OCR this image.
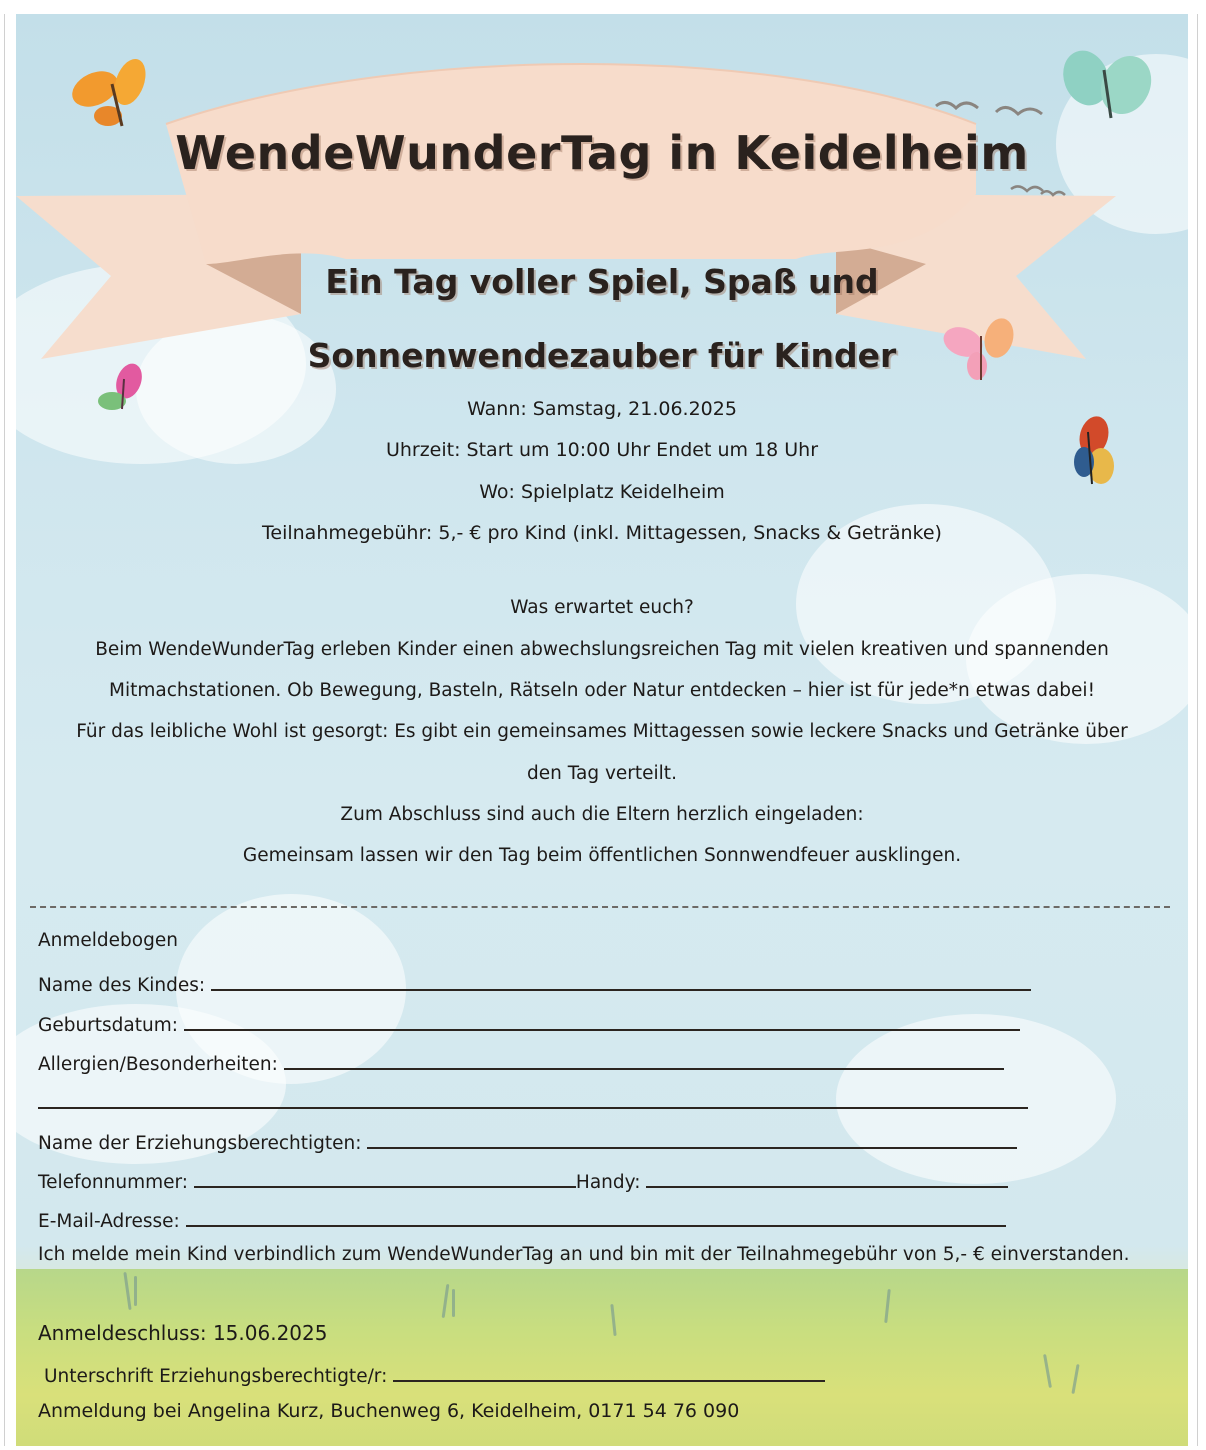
WendeWunderTag in Keidelheim
Ein Tag voller Spiel, Spaß und
Sonnenwendezauber für Kinder
Wann: Samstag, 21.06.2025
Uhrzeit: Start um 10:00 Uhr Endet um 18 Uhr
Wo: Spielplatz Keidelheim
Teilnahmegebühr: 5,- € pro Kind (inkl. Mittagessen, Snacks & Getränke)
Was erwartet euch?
Beim WendeWunderTag erleben Kinder einen abwechslungsreichen Tag mit vielen kreativen und spannenden
Mitmachstationen. Ob Bewegung, Basteln, Rätseln oder Natur entdecken – hier ist für jede*n etwas dabei!
Für das leibliche Wohl ist gesorgt: Es gibt ein gemeinsames Mittagessen sowie leckere Snacks und Getränke über
den Tag verteilt.
Zum Abschluss sind auch die Eltern herzlich eingeladen:
Gemeinsam lassen wir den Tag beim öffentlichen Sonnwendfeuer ausklingen.
Anmeldebogen
Name des Kindes:
Geburtsdatum:
Allergien/Besonderheiten:
Name der Erziehungsberechtigten:
Telefonnummer:	Handy:
E-Mail-Adresse:
Ich melde mein Kind verbindlich zum WendeWunderTag an und bin mit der Teilnahmegebühr von 5,- € einverstanden.
Anmeldeschluss: 15.06.2025
Unterschrift Erziehungsberechtigte/r:
Anmeldung bei Angelina Kurz, Buchenweg 6, Keidelheim, 0171 54 76 090
